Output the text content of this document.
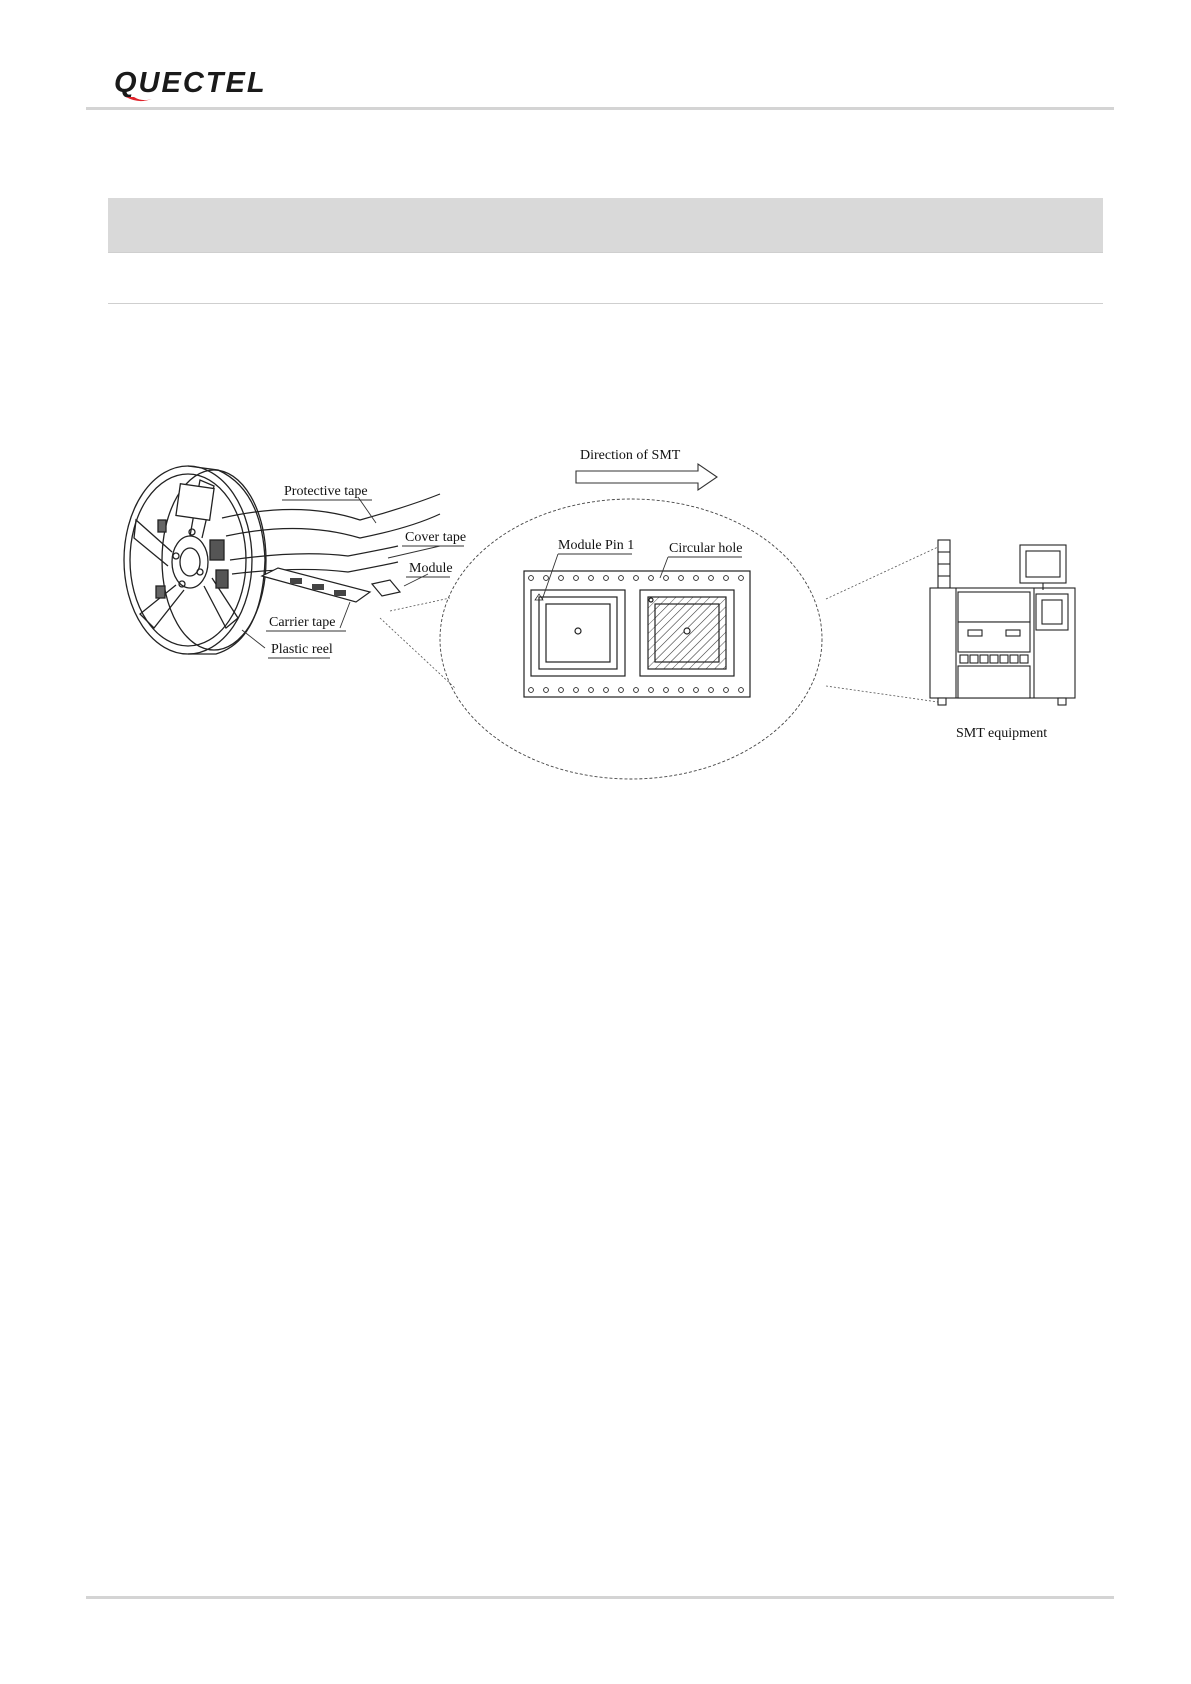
QUECTEL
Protective tape
Cover tape
Module
Carrier tape
Plastic reel
Direction of SMT
Module Pin 1 Circular hole
SMT equipment
